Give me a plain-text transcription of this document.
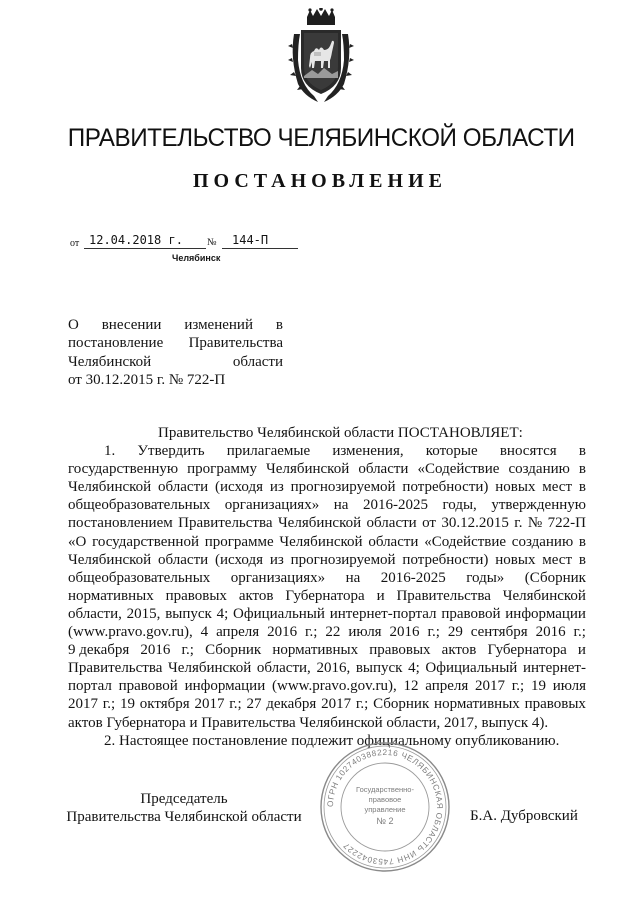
ПРАВИТЕЛЬСТВО ЧЕЛЯБИНСКОЙ ОБЛАСТИ
ПОСТАНОВЛЕНИЕ
от 12.04.2018 г. № 144-П
Челябинск
О внесении изменений в
постановление Правительства
Челябинской	области
от 30.12.2015 г. № 722-П
Правительство Челябинской области ПОСТАНОВЛЯЕТ:
1. Утвердить прилагаемые изменения, которые вносятся в
государственную программу Челябинской области «Содействие созданию в
Челябинской области (исходя из прогнозируемой потребности) новых мест в
общеобразовательных организациях» на 2016-2025 годы, утвержденную
постановлением Правительства Челябинской области от 30.12.2015 г. № 722-П
«О государственной программе Челябинской области «Содействие созданию в
Челябинской области (исходя из прогнозируемой потребности) новых мест в
общеобразовательных организациях» на 2016-2025 годы» (Сборник
нормативных правовых актов Губернатора и Правительства Челябинской
области, 2015, выпуск 4; Официальный интернет-портал правовой информации
(www.pravo.gov.ru), 4 апреля 2016 г.; 22 июля 2016 г.; 29 сентября 2016 г.;
9 декабря 2016 г.; Сборник нормативных правовых актов Губернатора и
Правительства Челябинской области, 2016, выпуск 4; Официальный интернет-
портал правовой информации (www.pravo.gov.ru), 12 апреля 2017 г.; 19 июля
2017 г.; 19 октября 2017 г.; 27 декабря 2017 г.; Сборник нормативных правовых
актов Губернатора и Правительства Челябинской области, 2017, выпуск 4).
2. Настоящее постановление подлежит официальному опубликованию.
Председатель
Правительства Челябинской области	Б.А. Дубровский
ОГРН 1027403882216 ЧЕЛЯБИНСКАЯ ОБЛАСТЬ ИНН 7453042227
Государственно-
правовое
управление
№ 2
